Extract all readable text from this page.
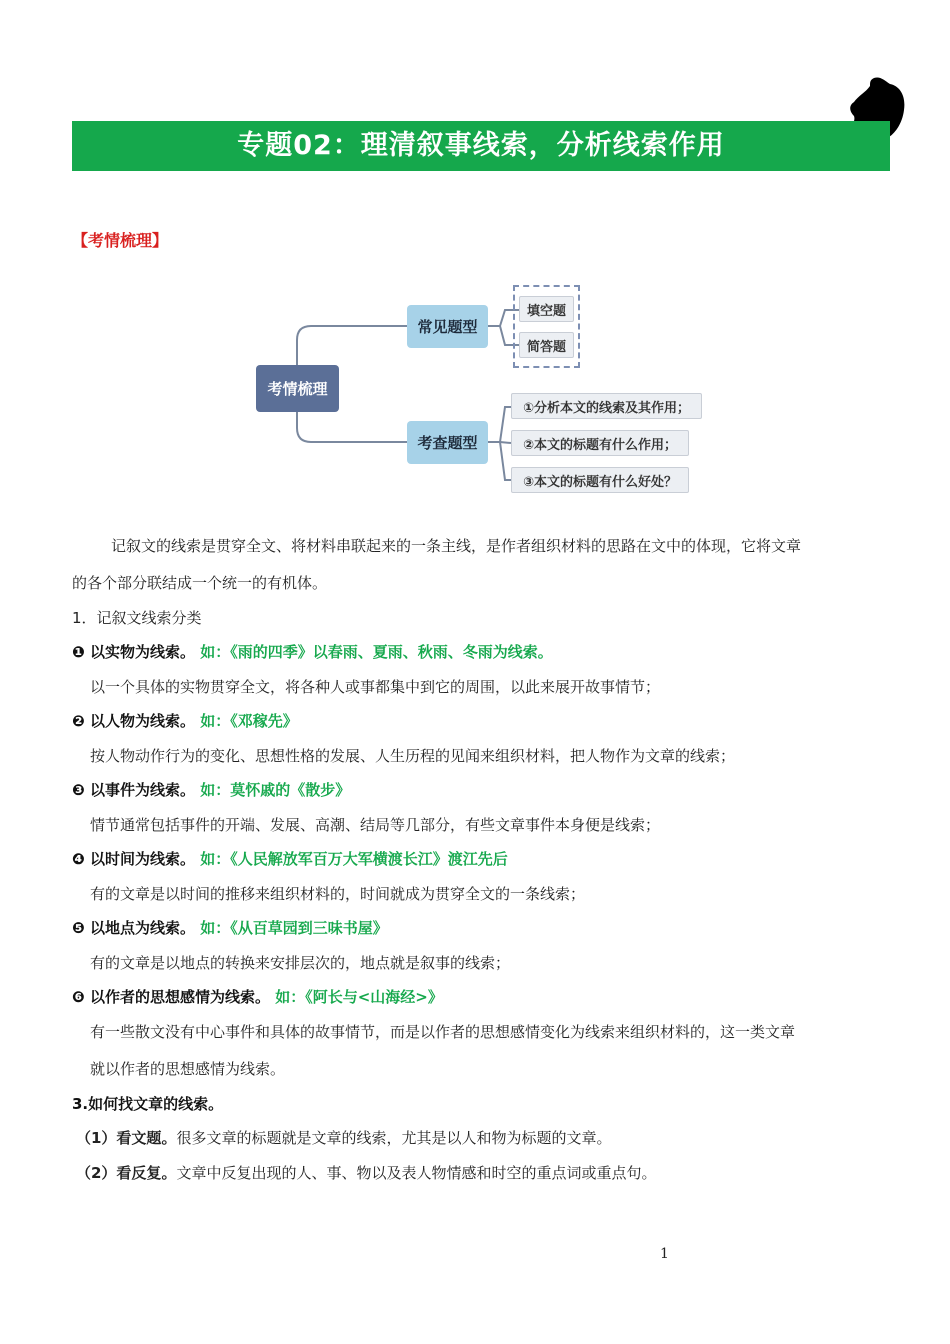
专题02：理清叙事线索，分析线索作用
【考情梳理】
考情梳理
常见题型
考查题型
填空题
简答题
①分析本文的线索及其作用；
②本文的标题有什么作用；
③本文的标题有什么好处？
记叙文的线索是贯穿全文、将材料串联起来的一条主线，是作者组织材料的思路在文中的体现，它将文章
的各个部分联结成一个统一的有机体。
1．记叙文线索分类
❶ 以实物为线索。 如：《雨的四季》以春雨、夏雨、秋雨、冬雨为线索。
以一个具体的实物贯穿全文，将各种人或事都集中到它的周围，以此来展开故事情节；
❷ 以人物为线索。 如：《邓稼先》
按人物动作行为的变化、思想性格的发展、人生历程的见闻来组织材料，把人物作为文章的线索；
❸ 以事件为线索。 如：莫怀戚的《散步》
情节通常包括事件的开端、发展、高潮、结局等几部分，有些文章事件本身便是线索；
❹ 以时间为线索。 如：《人民解放军百万大军横渡长江》渡江先后
有的文章是以时间的推移来组织材料的，时间就成为贯穿全文的一条线索；
❺ 以地点为线索。 如：《从百草园到三味书屋》
有的文章是以地点的转换来安排层次的，地点就是叙事的线索；
❻ 以作者的思想感情为线索。 如：《阿长与<山海经>》
有一些散文没有中心事件和具体的故事情节，而是以作者的思想感情变化为线索来组织材料的，这一类文章
就以作者的思想感情为线索。
3.如何找文章的线索。
（1）看文题。很多文章的标题就是文章的线索，尤其是以人和物为标题的文章。
（2）看反复。文章中反复出现的人、事、物以及表人物情感和时空的重点词或重点句。
1
